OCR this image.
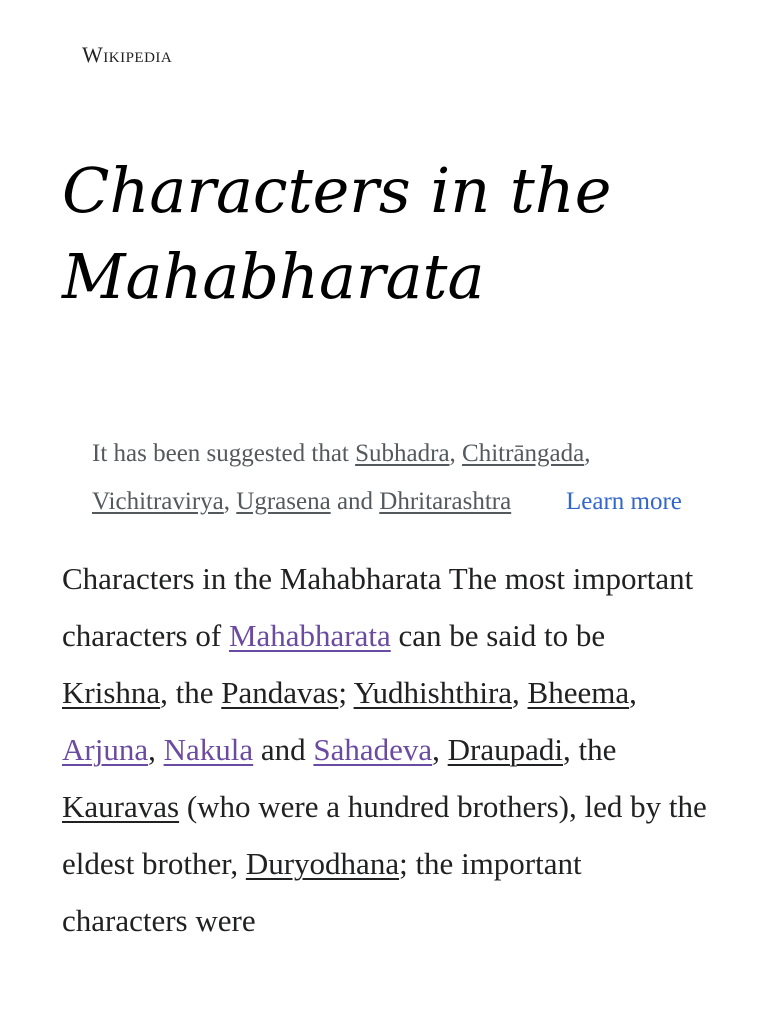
Wikipedia
Characters in the
Mahabharata
It has been suggested that Subhadra, Chitrāngada,
Vichitravirya, Ugrasena and Dhritarashtra Learn more

Characters in the Mahabharata The most important characters of Mahabharata can be said to be Krishna, the Pandavas; Yudhishthira, Bheema, Arjuna, Nakula and Sahadeva, Draupadi, the Kauravas (who were a hundred brothers), led by the eldest brother, Duryodhana; the important characters were
